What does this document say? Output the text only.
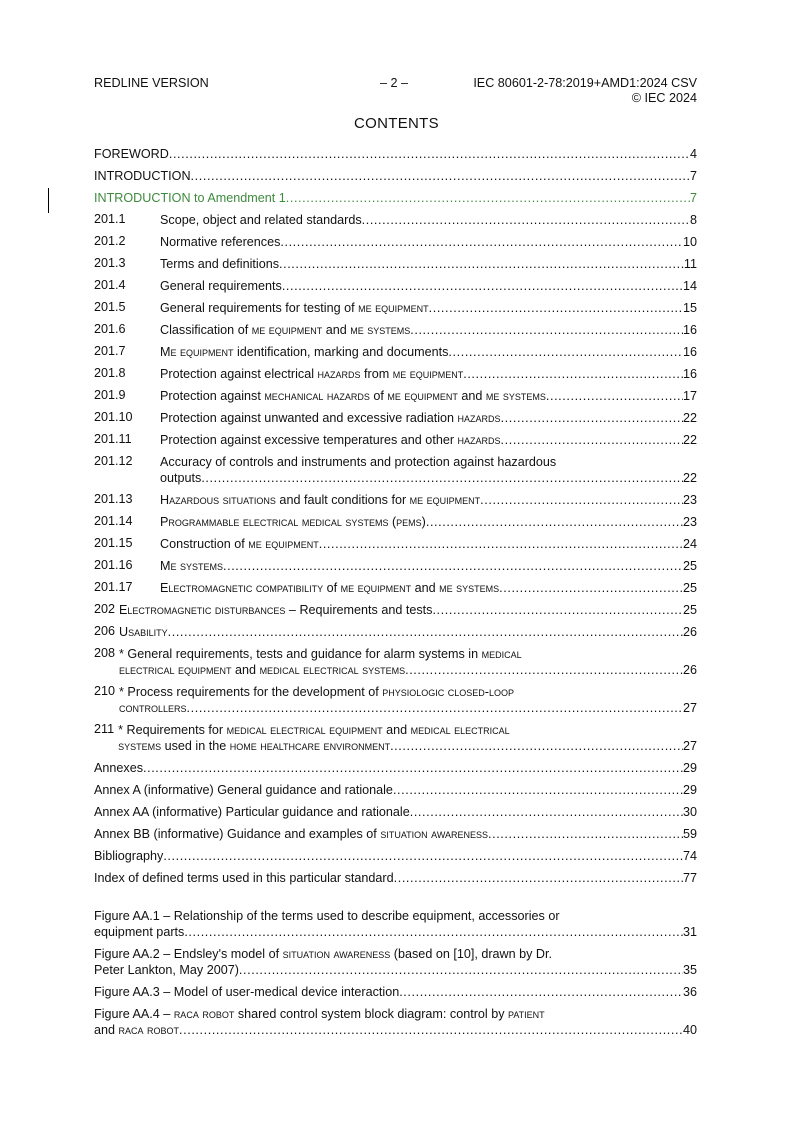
REDLINE VERSION	– 2 –	IEC 80601-2-78:2019+AMD1:2024 CSV
© IEC 2024
CONTENTS
FOREWORD .....	4
INTRODUCTION .....	7
INTRODUCTION to Amendment 1 .....	7
201.1	Scope, object and related standards .....	8
201.2	Normative references .....	10
201.3	Terms and definitions .....	11
201.4	General requirements .....	14
201.5	General requirements for testing of me equipment .....	15
201.6	Classification of me equipment and me systems .....	16
201.7	Me equipment identification, marking and documents .....	16
201.8	Protection against electrical hazards from me equipment .....	16
201.9	Protection against mechanical hazards of me equipment and me systems .....	17
201.10	Protection against unwanted and excessive radiation hazards .....	22
201.11	Protection against excessive temperatures and other hazards .....	22
201.12	Accuracy of controls and instruments and protection against hazardous
outputs .....	22
201.13	Hazardous situations and fault conditions for me equipment .....	23
201.14	Programmable electrical medical systems (pems) .....	23
201.15	Construction of me equipment .....	24
201.16	Me systems .....	25
201.17	Electromagnetic compatibility of me equipment and me systems .....	25
202 Electromagnetic disturbances – Requirements and tests .....	25
206 Usability .....	26
208 * General requirements, tests and guidance for alarm systems in medical
electrical equipment and medical electrical systems .....	26
210 * Process requirements for the development of physiologic closed-loop
controllers .....	27
211 * Requirements for medical electrical equipment and medical electrical
systems used in the home healthcare environment .....	27
Annexes .....	29
Annex A (informative) General guidance and rationale .....	29
Annex AA (informative) Particular guidance and rationale .....	30
Annex BB (informative) Guidance and examples of situation awareness .....	59
Bibliography .....	74
Index of defined terms used in this particular standard .....	77
Figure AA.1 – Relationship of the terms used to describe equipment, accessories or
equipment parts .....	31
Figure AA.2 – Endsley's model of situation awareness (based on [10], drawn by Dr.
Peter Lankton, May 2007) .....	35
Figure AA.3 – Model of user-medical device interaction .....	36
Figure AA.4 – raca robot shared control system block diagram: control by patient
and raca robot .....	40
